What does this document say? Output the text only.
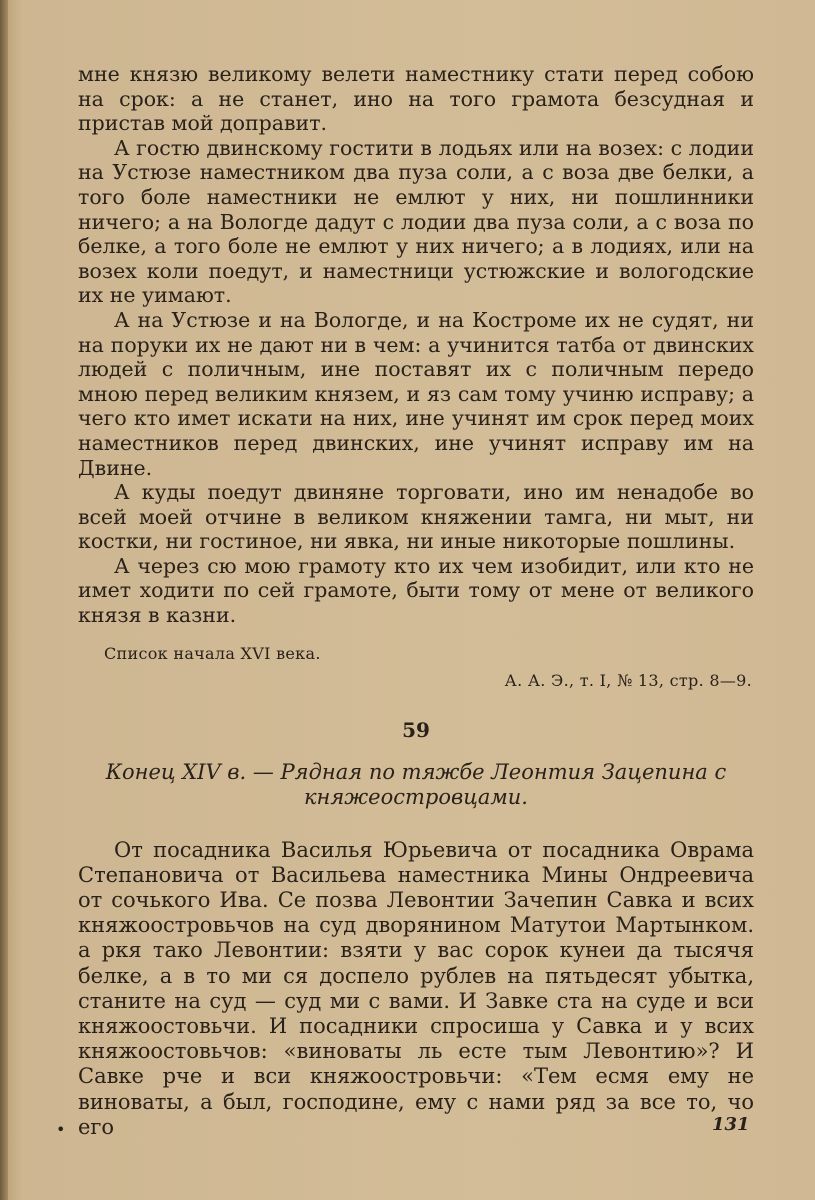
мне князю великому велети наместнику стати перед собою на срок: а не станет, ино на того грамота безсудная и пристав мой доправит.

А гостю двинскому гостити в лодьях или на возех: с лодии на Устюзе наместником два пуза соли, а с воза две белки, а того боле наместники не емлют у них, ни пошлинники ничего; а на Вологде дадут с лодии два пуза соли, а с воза по белке, а того боле не емлют у них ничего; а в лодиях, или на возех коли поедут, и наместници устюжские и вологодские их не уимают.

А на Устюзе и на Вологде, и на Костроме их не судят, ни на поруки их не дают ни в чем: а учинится татба от двинских людей с поличным, ине поставят их с поличным передо мною перед великим князем, и яз сам тому учиню исправу; а чего кто имет искати на них, ине учинят им срок перед моих наместников перед двинских, ине учинят исправу им на Двине.

А куды поедут двиняне торговати, ино им ненадобе во всей моей отчине в великом княжении тамга, ни мыт, ни костки, ни гостиное, ни явка, ни иные никоторые пошлины.

А через сю мою грамоту кто их чем изобидит, или кто не имет ходити по сей грамоте, быти тому от мене от великого князя в казни.

Список начала XVI века.
А. А. Э., т. I, № 13, стр. 8—9.
59
Конец XIV в. — Рядная по тяжбе Леонтия Зацепина с княжеостровцами.

От посадника Василья Юрьевича от посадника Оврама Степановича от Васильева наместника Мины Ондреевича от сочького Ива. Се позва Левонтии Зачепин Савка и всих княжоостровьчов на суд дворянином Матутои Мартынком. а ркя тако Левонтии: взяти у вас сорок кунеи да тысячя белке, а в то ми ся доспело рублев на пятьдесят убытка, станите на суд — суд ми с вами. И Завке ста на суде и вси княжоостовьчи. И посадники спросиша у Савка и у всих княжоостовьчов: «виноваты ль есте тым Левонтию»? И Савке рче и вси княжоостровьчи: «Тем есмя ему не виноваты, а был, господине, ему с нами ряд за все то, чо его

•	131
